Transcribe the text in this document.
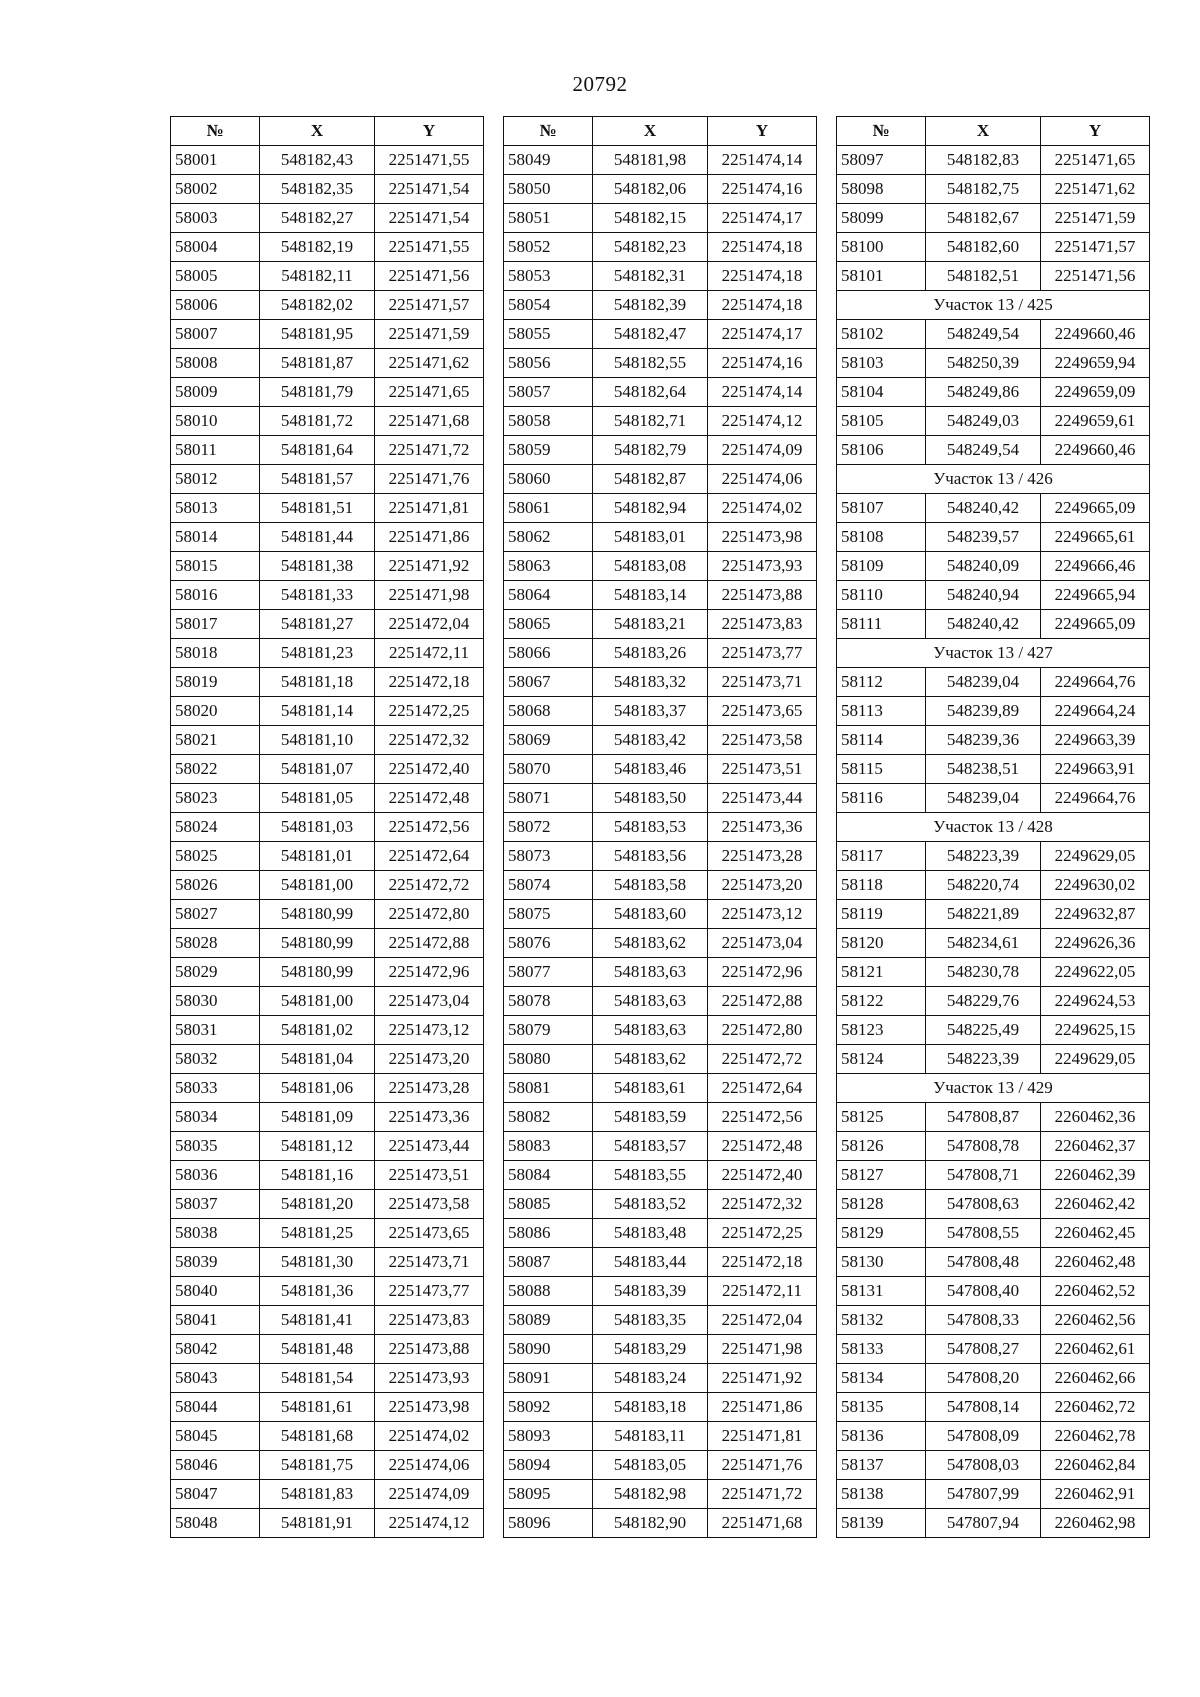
20792
№	X	Y
58001	548182,43	2251471,55
58002	548182,35	2251471,54
58003	548182,27	2251471,54
58004	548182,19	2251471,55
58005	548182,11	2251471,56
58006	548182,02	2251471,57
58007	548181,95	2251471,59
58008	548181,87	2251471,62
58009	548181,79	2251471,65
58010	548181,72	2251471,68
58011	548181,64	2251471,72
58012	548181,57	2251471,76
58013	548181,51	2251471,81
58014	548181,44	2251471,86
58015	548181,38	2251471,92
58016	548181,33	2251471,98
58017	548181,27	2251472,04
58018	548181,23	2251472,11
58019	548181,18	2251472,18
58020	548181,14	2251472,25
58021	548181,10	2251472,32
58022	548181,07	2251472,40
58023	548181,05	2251472,48
58024	548181,03	2251472,56
58025	548181,01	2251472,64
58026	548181,00	2251472,72
58027	548180,99	2251472,80
58028	548180,99	2251472,88
58029	548180,99	2251472,96
58030	548181,00	2251473,04
58031	548181,02	2251473,12
58032	548181,04	2251473,20
58033	548181,06	2251473,28
58034	548181,09	2251473,36
58035	548181,12	2251473,44
58036	548181,16	2251473,51
58037	548181,20	2251473,58
58038	548181,25	2251473,65
58039	548181,30	2251473,71
58040	548181,36	2251473,77
58041	548181,41	2251473,83
58042	548181,48	2251473,88
58043	548181,54	2251473,93
58044	548181,61	2251473,98
58045	548181,68	2251474,02
58046	548181,75	2251474,06
58047	548181,83	2251474,09
58048	548181,91	2251474,12
№	X	Y
58049	548181,98	2251474,14
58050	548182,06	2251474,16
58051	548182,15	2251474,17
58052	548182,23	2251474,18
58053	548182,31	2251474,18
58054	548182,39	2251474,18
58055	548182,47	2251474,17
58056	548182,55	2251474,16
58057	548182,64	2251474,14
58058	548182,71	2251474,12
58059	548182,79	2251474,09
58060	548182,87	2251474,06
58061	548182,94	2251474,02
58062	548183,01	2251473,98
58063	548183,08	2251473,93
58064	548183,14	2251473,88
58065	548183,21	2251473,83
58066	548183,26	2251473,77
58067	548183,32	2251473,71
58068	548183,37	2251473,65
58069	548183,42	2251473,58
58070	548183,46	2251473,51
58071	548183,50	2251473,44
58072	548183,53	2251473,36
58073	548183,56	2251473,28
58074	548183,58	2251473,20
58075	548183,60	2251473,12
58076	548183,62	2251473,04
58077	548183,63	2251472,96
58078	548183,63	2251472,88
58079	548183,63	2251472,80
58080	548183,62	2251472,72
58081	548183,61	2251472,64
58082	548183,59	2251472,56
58083	548183,57	2251472,48
58084	548183,55	2251472,40
58085	548183,52	2251472,32
58086	548183,48	2251472,25
58087	548183,44	2251472,18
58088	548183,39	2251472,11
58089	548183,35	2251472,04
58090	548183,29	2251471,98
58091	548183,24	2251471,92
58092	548183,18	2251471,86
58093	548183,11	2251471,81
58094	548183,05	2251471,76
58095	548182,98	2251471,72
58096	548182,90	2251471,68
№	X	Y
58097	548182,83	2251471,65
58098	548182,75	2251471,62
58099	548182,67	2251471,59
58100	548182,60	2251471,57
58101	548182,51	2251471,56
Участок 13 / 425		
58102	548249,54	2249660,46
58103	548250,39	2249659,94
58104	548249,86	2249659,09
58105	548249,03	2249659,61
58106	548249,54	2249660,46
Участок 13 / 426		
58107	548240,42	2249665,09
58108	548239,57	2249665,61
58109	548240,09	2249666,46
58110	548240,94	2249665,94
58111	548240,42	2249665,09
Участок 13 / 427		
58112	548239,04	2249664,76
58113	548239,89	2249664,24
58114	548239,36	2249663,39
58115	548238,51	2249663,91
58116	548239,04	2249664,76
Участок 13 / 428		
58117	548223,39	2249629,05
58118	548220,74	2249630,02
58119	548221,89	2249632,87
58120	548234,61	2249626,36
58121	548230,78	2249622,05
58122	548229,76	2249624,53
58123	548225,49	2249625,15
58124	548223,39	2249629,05
Участок 13 / 429		
58125	547808,87	2260462,36
58126	547808,78	2260462,37
58127	547808,71	2260462,39
58128	547808,63	2260462,42
58129	547808,55	2260462,45
58130	547808,48	2260462,48
58131	547808,40	2260462,52
58132	547808,33	2260462,56
58133	547808,27	2260462,61
58134	547808,20	2260462,66
58135	547808,14	2260462,72
58136	547808,09	2260462,78
58137	547808,03	2260462,84
58138	547807,99	2260462,91
58139	547807,94	2260462,98
